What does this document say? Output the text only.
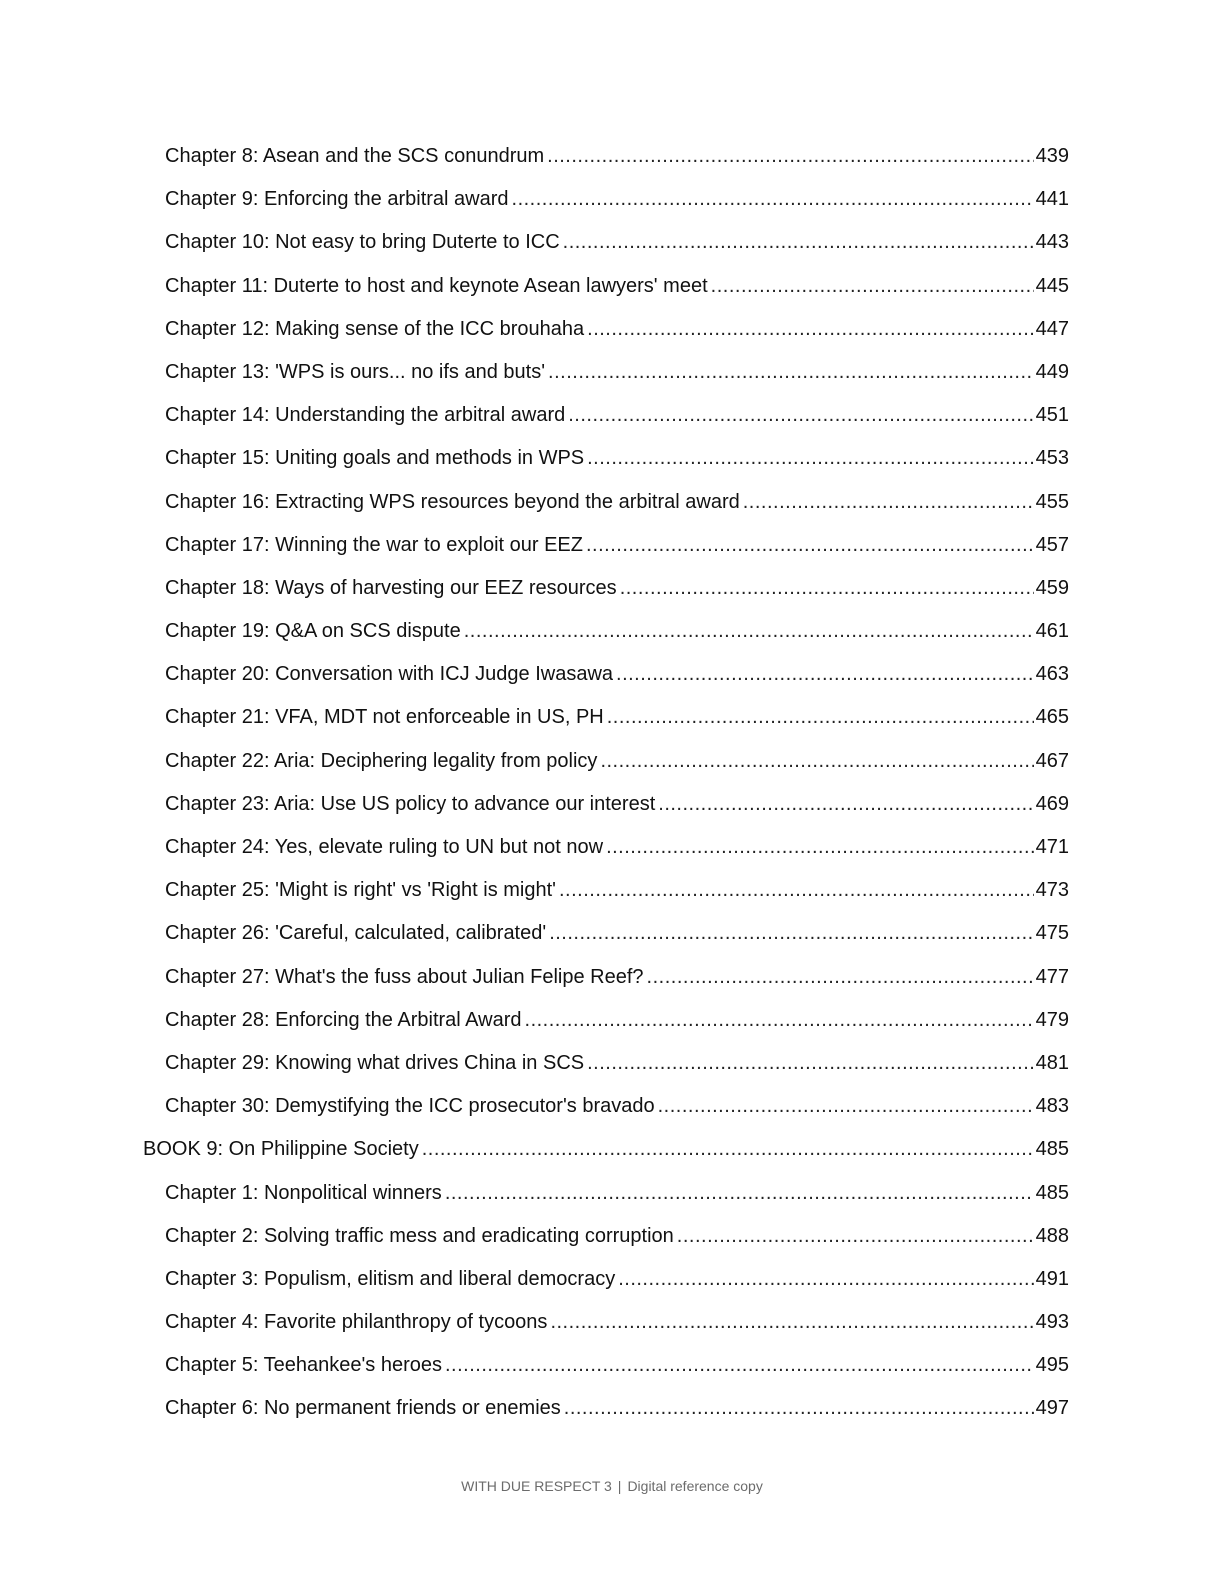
Chapter 8: Asean and the SCS conundrum .....	439
Chapter 9: Enforcing the arbitral award .....	441
Chapter 10: Not easy to bring Duterte to ICC .....	443
Chapter 11: Duterte to host and keynote Asean lawyers' meet .....	445
Chapter 12: Making sense of the ICC brouhaha .....	447
Chapter 13: 'WPS is ours... no ifs and buts' .....	449
Chapter 14: Understanding the arbitral award .....	451
Chapter 15: Uniting goals and methods in WPS .....	453
Chapter 16: Extracting WPS resources beyond the arbitral award .....	455
Chapter 17: Winning the war to exploit our EEZ .....	457
Chapter 18: Ways of harvesting our EEZ resources .....	459
Chapter 19: Q&A on SCS dispute .....	461
Chapter 20: Conversation with ICJ Judge Iwasawa .....	463
Chapter 21: VFA, MDT not enforceable in US, PH .....	465
Chapter 22: Aria: Deciphering legality from policy .....	467
Chapter 23: Aria: Use US policy to advance our interest .....	469
Chapter 24: Yes, elevate ruling to UN but not now .....	471
Chapter 25: 'Might is right' vs 'Right is might' .....	473
Chapter 26: 'Careful, calculated, calibrated' .....	475
Chapter 27: What's the fuss about Julian Felipe Reef? .....	477
Chapter 28: Enforcing the Arbitral Award .....	479
Chapter 29: Knowing what drives China in SCS .....	481
Chapter 30: Demystifying the ICC prosecutor's bravado .....	483
BOOK 9: On Philippine Society .....	485
Chapter 1: Nonpolitical winners .....	485
Chapter 2: Solving traffic mess and eradicating corruption .....	488
Chapter 3: Populism, elitism and liberal democracy .....	491
Chapter 4: Favorite philanthropy of tycoons .....	493
Chapter 5: Teehankee's heroes .....	495
Chapter 6: No permanent friends or enemies .....	497
WITH DUE RESPECT 3 | Digital reference copy
